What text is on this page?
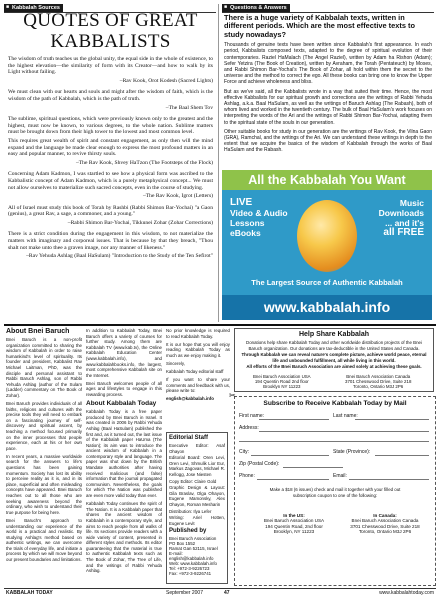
■ Kabbalah Sources
QUOTES OF GREAT KABBALISTS

The wisdom of truth teaches us the global unity, the equal side in the whole of existence, to the highest elevation—the similarity of form with its Creator—and how to walk by its Light without failing.

–Rav Kook, Orot Kodesh (Sacred Lights)

We must clean with our hearts and souls and might after the wisdom of faith, which is the wisdom of the path of Kabbalah, which is the path of truth.

–The Baal Shem Tov

The sublime, spiritual questions, which were previously known only to the greatest and the highest, must now be known, to various degrees, to the whole nation. Sublime matters must be brought down from their high tower to the lowest and most common level.

This requires great wealth of spirit and constant engagement, as only then will the mind expand and the language be made clear enough to express the most profound matters in an easy and popular manner, to revive thirsty souls.

–The Rav Kook, Shvey HaTzon (The Footsteps of the Flock)

Concerning Adam Kadmon, I was startled to see how a physical form was ascribed to the Kabbalistic concept of Adam Kadmon, which is a purely metaphysical concept... We must not allow ourselves to materialize such sacred concepts, even in the course of studying.

–The Rav Kook, Igrot (Letters)

All of Israel must study this book of Torah by Rashbi (Rabbi Shimon Bar-Yochai) "a Gaon (genius), a great Rav, a sage, a commoner, and a young."

–Rabbi Shimon Bar-Yochai, Tikkunei Zohar (Zohar Corrections)

There is a strict condition during the engagement in this wisdom, to not materialize the matters with imaginary and corporeal issues. That is because by that they breach, "Thou shalt not make unto thee a graven image, nor any manner of likeness."

–Rav Yehuda Ashlag (Baal HaSulam) "Introduction to the Study of the Ten Sefirot"

■ Questions & Answers

There is a huge variety of Kabbalah texts, written in different periods. Which are the most effective texts to study nowadays?

Thousands of genuine texts have been written since Kabbalah's first appearance. In each period, Kabbalists composed texts, adapted to the degree of spiritual evolution of their contemporaries. Raziel HaMalach (The Angel Raziel), written by Adam ha Rishon (Adam); Sefer Yetzira (The Book of Creation), written by Avraham, the Torah (Pentateuch) by Moses, and Rabbi Shimon Bar-Yochai's The Book of Zohar, all hold within them the secret to the universe and the method to correct the ego. All these books can bring one to know the Upper Force and achieve wholeness and bliss.

But as we've said, all the Kabbalists wrote in a way that suited their time. Hence, the most effective Kabbalists for our spiritual growth and corrections are the writings of Rabbi Yehuda Ashlag, a.k.a. Baal HaSulam, as well as the writings of Baruch Ashlag (The Rabash), both of whom lived and worked in the twentieth century. The bulk of Baal HaSulam's work focuses on interpreting the words of the Ari and the writings of Rabbi Shimon Bar-Yochai, adapting them to the spiritual state of the souls in our generation.

Other suitable books for study in our generation are the writings of Rav Kook, the Vilna Gaon (GRA), Ramchal, and the writings of the Ari. We can understand these writings in depth to the extent that we acquire the basics of the wisdom of Kabbalah through the works of Baal HaSulam and the Rabash.

All the Kabbalah You Want
LIVE
Video & Audio
Lessons
eBooks
Music
Downloads
... and it's
all FREE
The Largest Source of Authentic Kabbalah
www.kabbalah.info
About Bnei Baruch

Bnei Baruch is a non-profit organization committed to sharing the wisdom of Kabbalah in order to raise humankind's level of spirituality. Its founder and president, Kabbalist Rav Michael Laitman, PhD, was the disciple and personal assistant to Rabbi Baruch Ashlag, son of Rabbi Yehuda Ashlag (author of the Sulam (Ladder) commentary on The Book of Zohar).

Bnei Baruch provides individuals of all faiths, religions and cultures with the precise tools they will need to embark on a fascinating journey of self-discovery and spiritual ascent, by teaching a method focused primarily on the inner processes that people experience, each at his or her own pace.

In recent years, a massive worldwide search for the answers to life's questions has been gaining momentum. Society has lost its ability to perceive reality as it is, and in its place, superficial and often misleading concepts have appeared. Bnei Baruch reaches out to all those who are seeking awareness beyond the ordinary, who wish to understand their true purpose for being here.

Bnei Baruch's approach to understanding our experience of the world is a practical and realistic. By studying Ashlag's method based on authentic writings, we can overcome the trials of everyday life, and initiate a process by which we will move beyond our present boundaries and limitations.

In addition to Kabbalah Today, Bnei Baruch offers a variety of courses for further study. Among them are Kabbalah TV (www.kab.tv), the Online Kabbalah Education Center (www.kabbalah.info), and www.kabbalahbooks.info, the largest, most comprehensive Kabbalah site on the Internet.

Bnei Baruch welcomes people of all ages and lifestyles to engage in this rewarding process.

About Kabbalah Today

Kabbalah Today is a free paper produced by Bnei Baruch in Israel. It was created in 2006 by Rabbi Yehuda Ashlag (Baal HaSulam) published the first and, as it turned out, the last issue of the Kabbalah paper HaUma (The Nation); its aim was to introduce the ancient wisdom of Kabbalah in a contemporary style and language. The paper was shut down by the British Mandate authorities after having received malicious (and false) information that the journal propagated communism. Nevertheless, the goals for which The Nation was published are even more valid today than ever.

Kabbalah Today continues the spirit of The Nation. It is a Kabbalah paper that shares the ancient wisdom of Kabbalah in a contemporary style, and aims to reach people from all walks of life. Its sections provide readers with a wide variety of content, presented in different styles and methods. Its editor guaranteeing that the material is true to authentic Kabbalah texts such as The Book of Zohar, The Tree of Life, and the writings of Rabbi Yehuda Ashlag.

No prior knowledge is required to read Kabbalah Today.

It is our hope that you will enjoy reading Kabbalah Today as much as we enjoy making it.

Sincerely,

Kabbalah Today editorial staff

If you want to share your comments and feedback with us, please write to:

english@kabbalah.info

Editorial Staff

Executive Editor: Asaf Ohayon

Editorial Board: Oren Levi, Oren Levi, Shmulik Lior Eur, Markus Zagovas, Michael R. Kellogg, Jose Niesten

Copy Editor: Claire Gold

Graphic Design & Layout: Gila Braslav, Olga Ohayon, Eugene Mamonsky, Alex Ohayon, Roman Mesharin

Distribution: Ilya Lefer

Writing: Ariel Hotten, Eugene Levit

Published by
Bnei Baruch Association
PO Box 1552
Ramat Gan 52115, Israel
E-mail: english@kabbalah.info
Web: www.kabbalah.info
Tel: +972-3-9226723
Fax: +972-3-9226741
Help Share Kabbalah

Donations help share Kabbalah Today and other worldwide distribution projects of the Bnei Baruch organization. Our donations are tax-deductible in the United States and Canada.

Through Kabbalah we can reveal nature's complete picture, achieve world peace, eternal life and unbounded fulfillment, all while living in this world.

All efforts of the Bnei Baruch Association are aimed solely at achieving these goals.

Bnei Baruch Association USA
194 Quentin Road 2nd floor
Brooklyn NY 11223
Bnei Baruch Association Canada
3701 Chesswood Drive, Suite 218
Toronto, Ontario M3J 2P6
✂
Subscribe to Receive Kabbalah Today by Mail
First name:	Last name:
Address:
City:	State (Province):
Zip (Postal Code):
Phone:	Email:

Make a $18 (6 issues) check and mail it together with your filled out subscription coupon to one of the following:

In the US:
Bnei Baruch Association USA
194 Quentin Road, 2nd floor
Brooklyn, NY 11223
In Canada:
Bnei Baruch Association Canada
3701 Chesswood Drive, Suite 218
Toronto, Ontario M3J 2P6
KABBALAH TODAY	September 2007	47	www.kabbalahtoday.com
